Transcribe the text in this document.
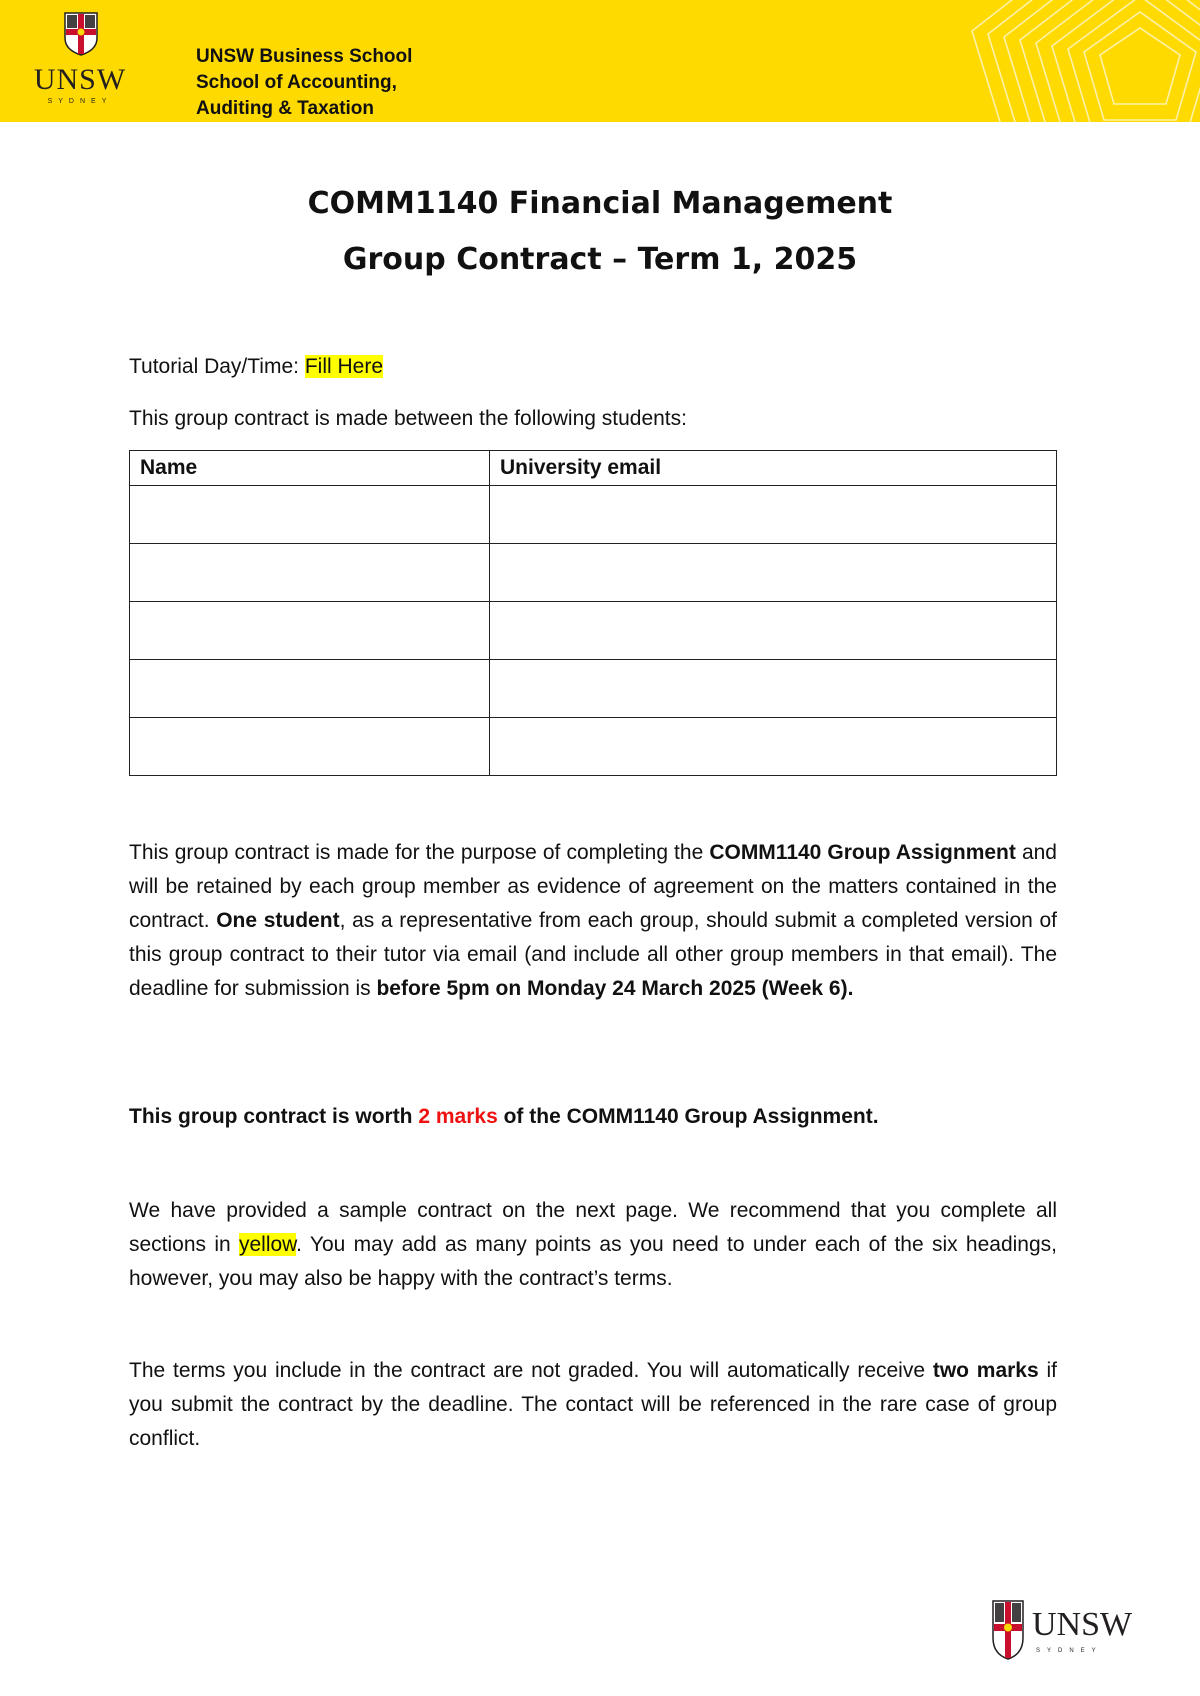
UNSW
SYDNEY
UNSW Business School
School of Accounting,
Auditing & Taxation
COMM1140 Financial Management
Group Contract – Term 1, 2025
Tutorial Day/Time: Fill Here
This group contract is made between the following students:
Name	University email

This group contract is made for the purpose of completing the COMM1140 Group Assignment and will be retained by each group member as evidence of agreement on the matters contained in the contract. One student, as a representative from each group, should submit a completed version of this group contract to their tutor via email (and include all other group members in that email). The deadline for submission is before 5pm on Monday 24 March 2025 (Week 6).
This group contract is worth 2 marks of the COMM1140 Group Assignment.
We have provided a sample contract on the next page. We recommend that you complete all sections in yellow. You may add as many points as you need to under each of the six headings, however, you may also be happy with the contract’s terms.
The terms you include in the contract are not graded. You will automatically receive two marks if you submit the contract by the deadline. The contact will be referenced in the rare case of group conflict.
UNSW
SYDNEY
